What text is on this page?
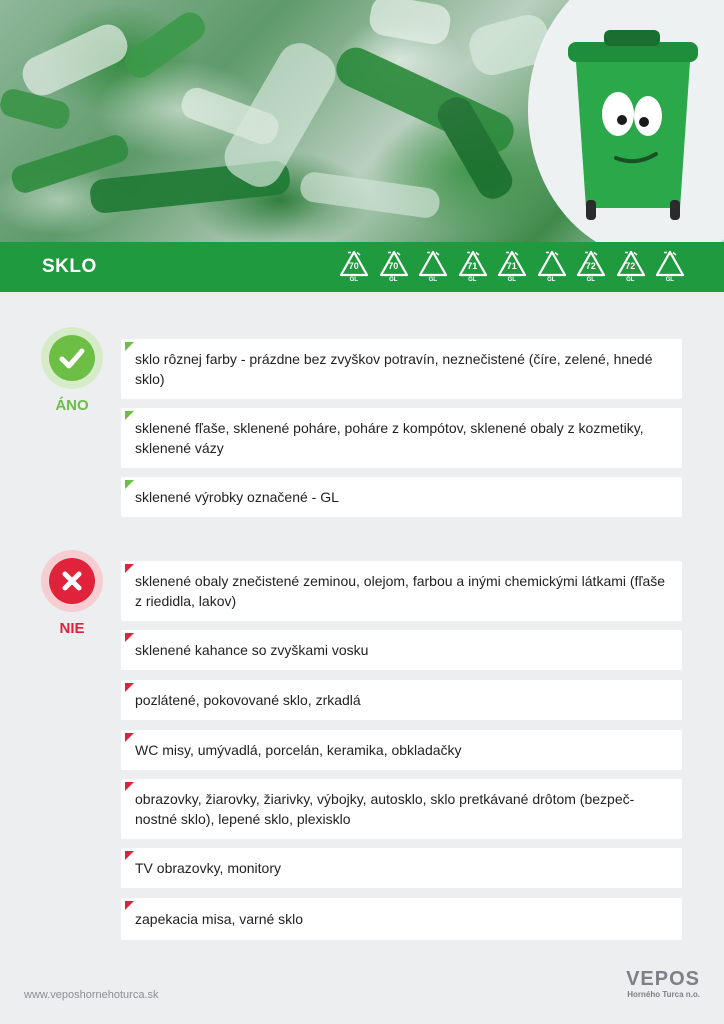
SKLO	70
GL
70
GL	GL
71
GL
71
GL	GL
72
GL
72
GL	GL
ÁNO
sklo rôznej farby - prázdne bez zvyškov potravín, neznečistené (číre, zelené, hnedé sklo)
sklenené fľaše, sklenené poháre, poháre z kompótov, sklenené obaly z kozmetiky, sklenené vázy
sklenené výrobky označené - GL
NIE
sklenené obaly znečistené zeminou, olejom, farbou a inými chemickými látkami (fľaše z riedidla, lakov)
sklenené kahance so zvyškami vosku
pozlátené, pokovované sklo, zrkadlá
WC misy, umývadlá, porcelán, keramika, obkladačky
obrazovky, žiarovky, žiarivky, výbojky, autosklo, sklo pretkávané drôtom (bezpeč-nostné sklo), lepené sklo, plexisklo
TV obrazovky, monitory
zapekacia misa, varné sklo
www.veposhornehoturca.sk
VEPOS
Horného Turca n.o.
